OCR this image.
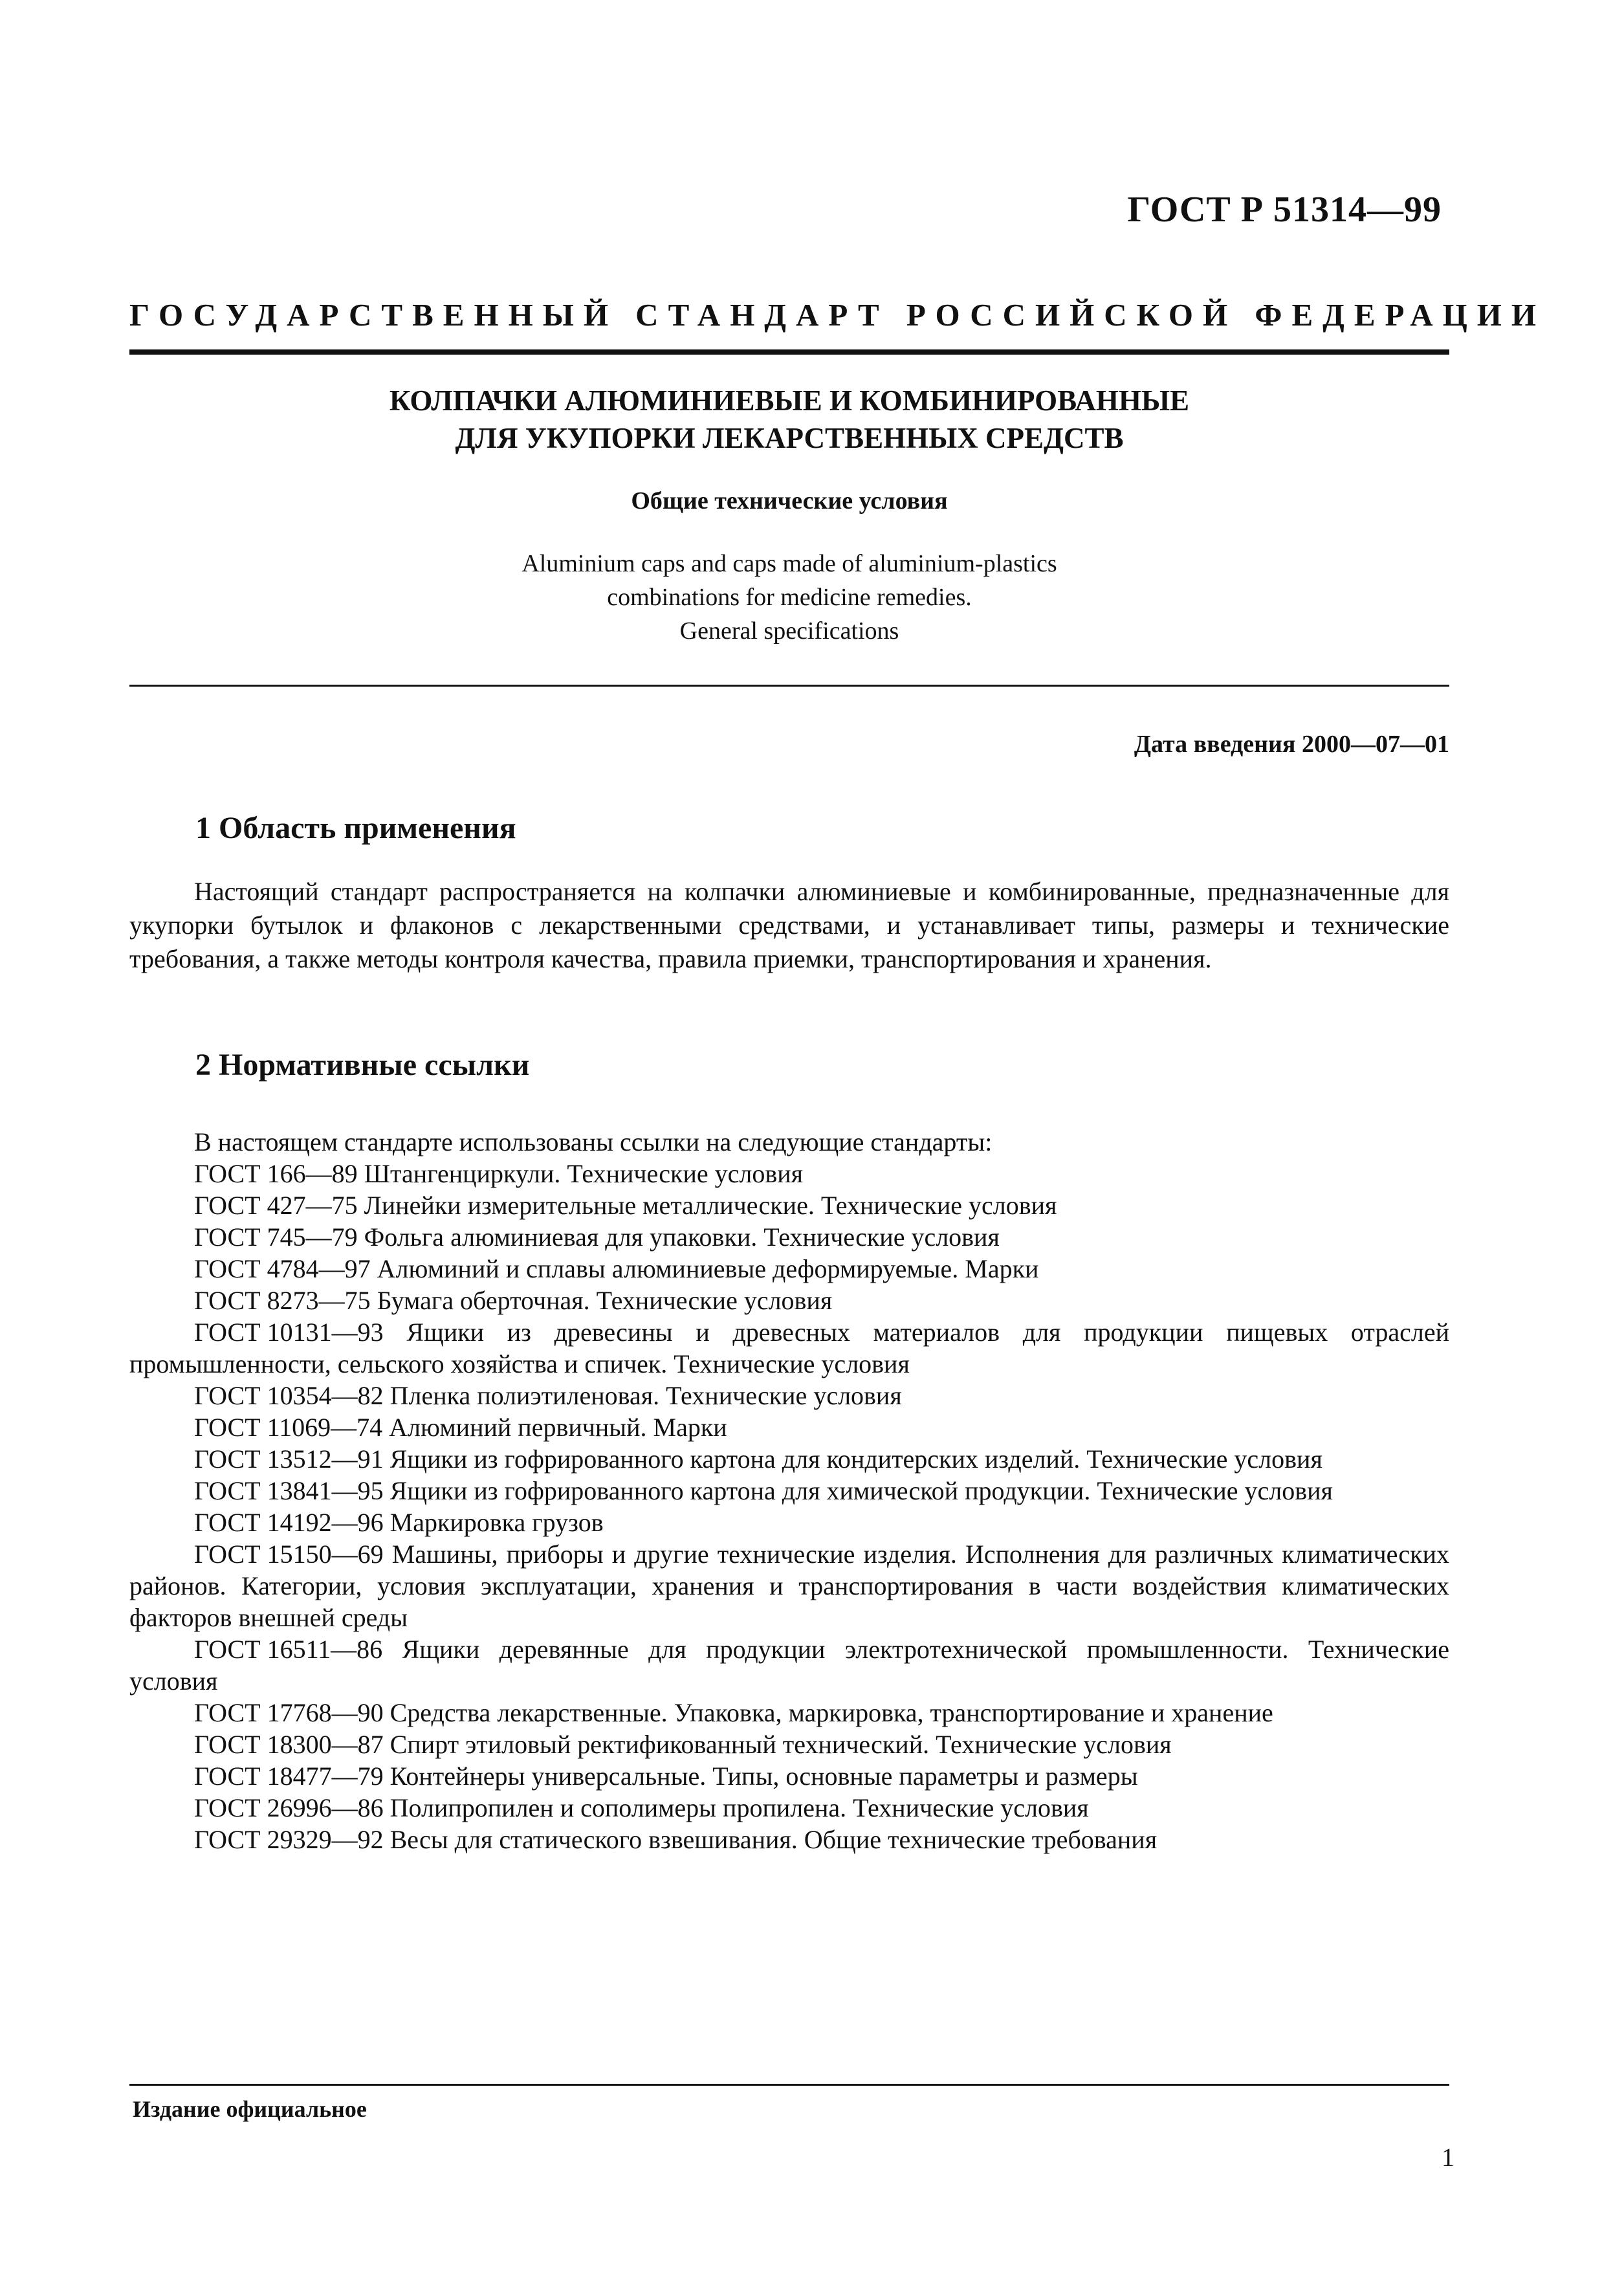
ГОСТ Р 51314—99
ГОСУДАРСТВЕННЫЙ СТАНДАРТ РОССИЙСКОЙ ФЕДЕРАЦИИ
КОЛПАЧКИ АЛЮМИНИЕВЫЕ И КОМБИНИРОВАННЫЕ
ДЛЯ УКУПОРКИ ЛЕКАРСТВЕННЫХ СРЕДСТВ
Общие технические условия
Aluminium caps and caps made of aluminium-plastics
combinations for medicine remedies.
General specifications
Дата введения 2000—07—01
1 Область применения
Настоящий стандарт распространяется на колпачки алюминиевые и комбинированные, предназначенные для укупорки бутылок и флаконов с лекарственными средствами, и устанавливает типы, размеры и технические требования, а также методы контроля качества, правила приемки, транспортирования и хранения.
2 Нормативные ссылки
В настоящем стандарте использованы ссылки на следующие стандарты:
ГОСТ 166—89 Штангенциркули. Технические условия
ГОСТ 427—75 Линейки измерительные металлические. Технические условия
ГОСТ 745—79 Фольга алюминиевая для упаковки. Технические условия
ГОСТ 4784—97 Алюминий и сплавы алюминиевые деформируемые. Марки
ГОСТ 8273—75 Бумага оберточная. Технические условия
ГОСТ 10131—93 Ящики из древесины и древесных материалов для продукции пищевых отраслей промышленности, сельского хозяйства и спичек. Технические условия
ГОСТ 10354—82 Пленка полиэтиленовая. Технические условия
ГОСТ 11069—74 Алюминий первичный. Марки
ГОСТ 13512—91 Ящики из гофрированного картона для кондитерских изделий. Технические условия
ГОСТ 13841—95 Ящики из гофрированного картона для химической продукции. Технические условия
ГОСТ 14192—96 Маркировка грузов
ГОСТ 15150—69 Машины, приборы и другие технические изделия. Исполнения для различных климатических районов. Категории, условия эксплуатации, хранения и транспортирования в части воздействия климатических факторов внешней среды
ГОСТ 16511—86 Ящики деревянные для продукции электротехнической промышленности. Технические условия
ГОСТ 17768—90 Средства лекарственные. Упаковка, маркировка, транспортирование и хранение
ГОСТ 18300—87 Спирт этиловый ректификованный технический. Технические условия
ГОСТ 18477—79 Контейнеры универсальные. Типы, основные параметры и размеры
ГОСТ 26996—86 Полипропилен и сополимеры пропилена. Технические условия
ГОСТ 29329—92 Весы для статического взвешивания. Общие технические требования
Издание официальное
1
